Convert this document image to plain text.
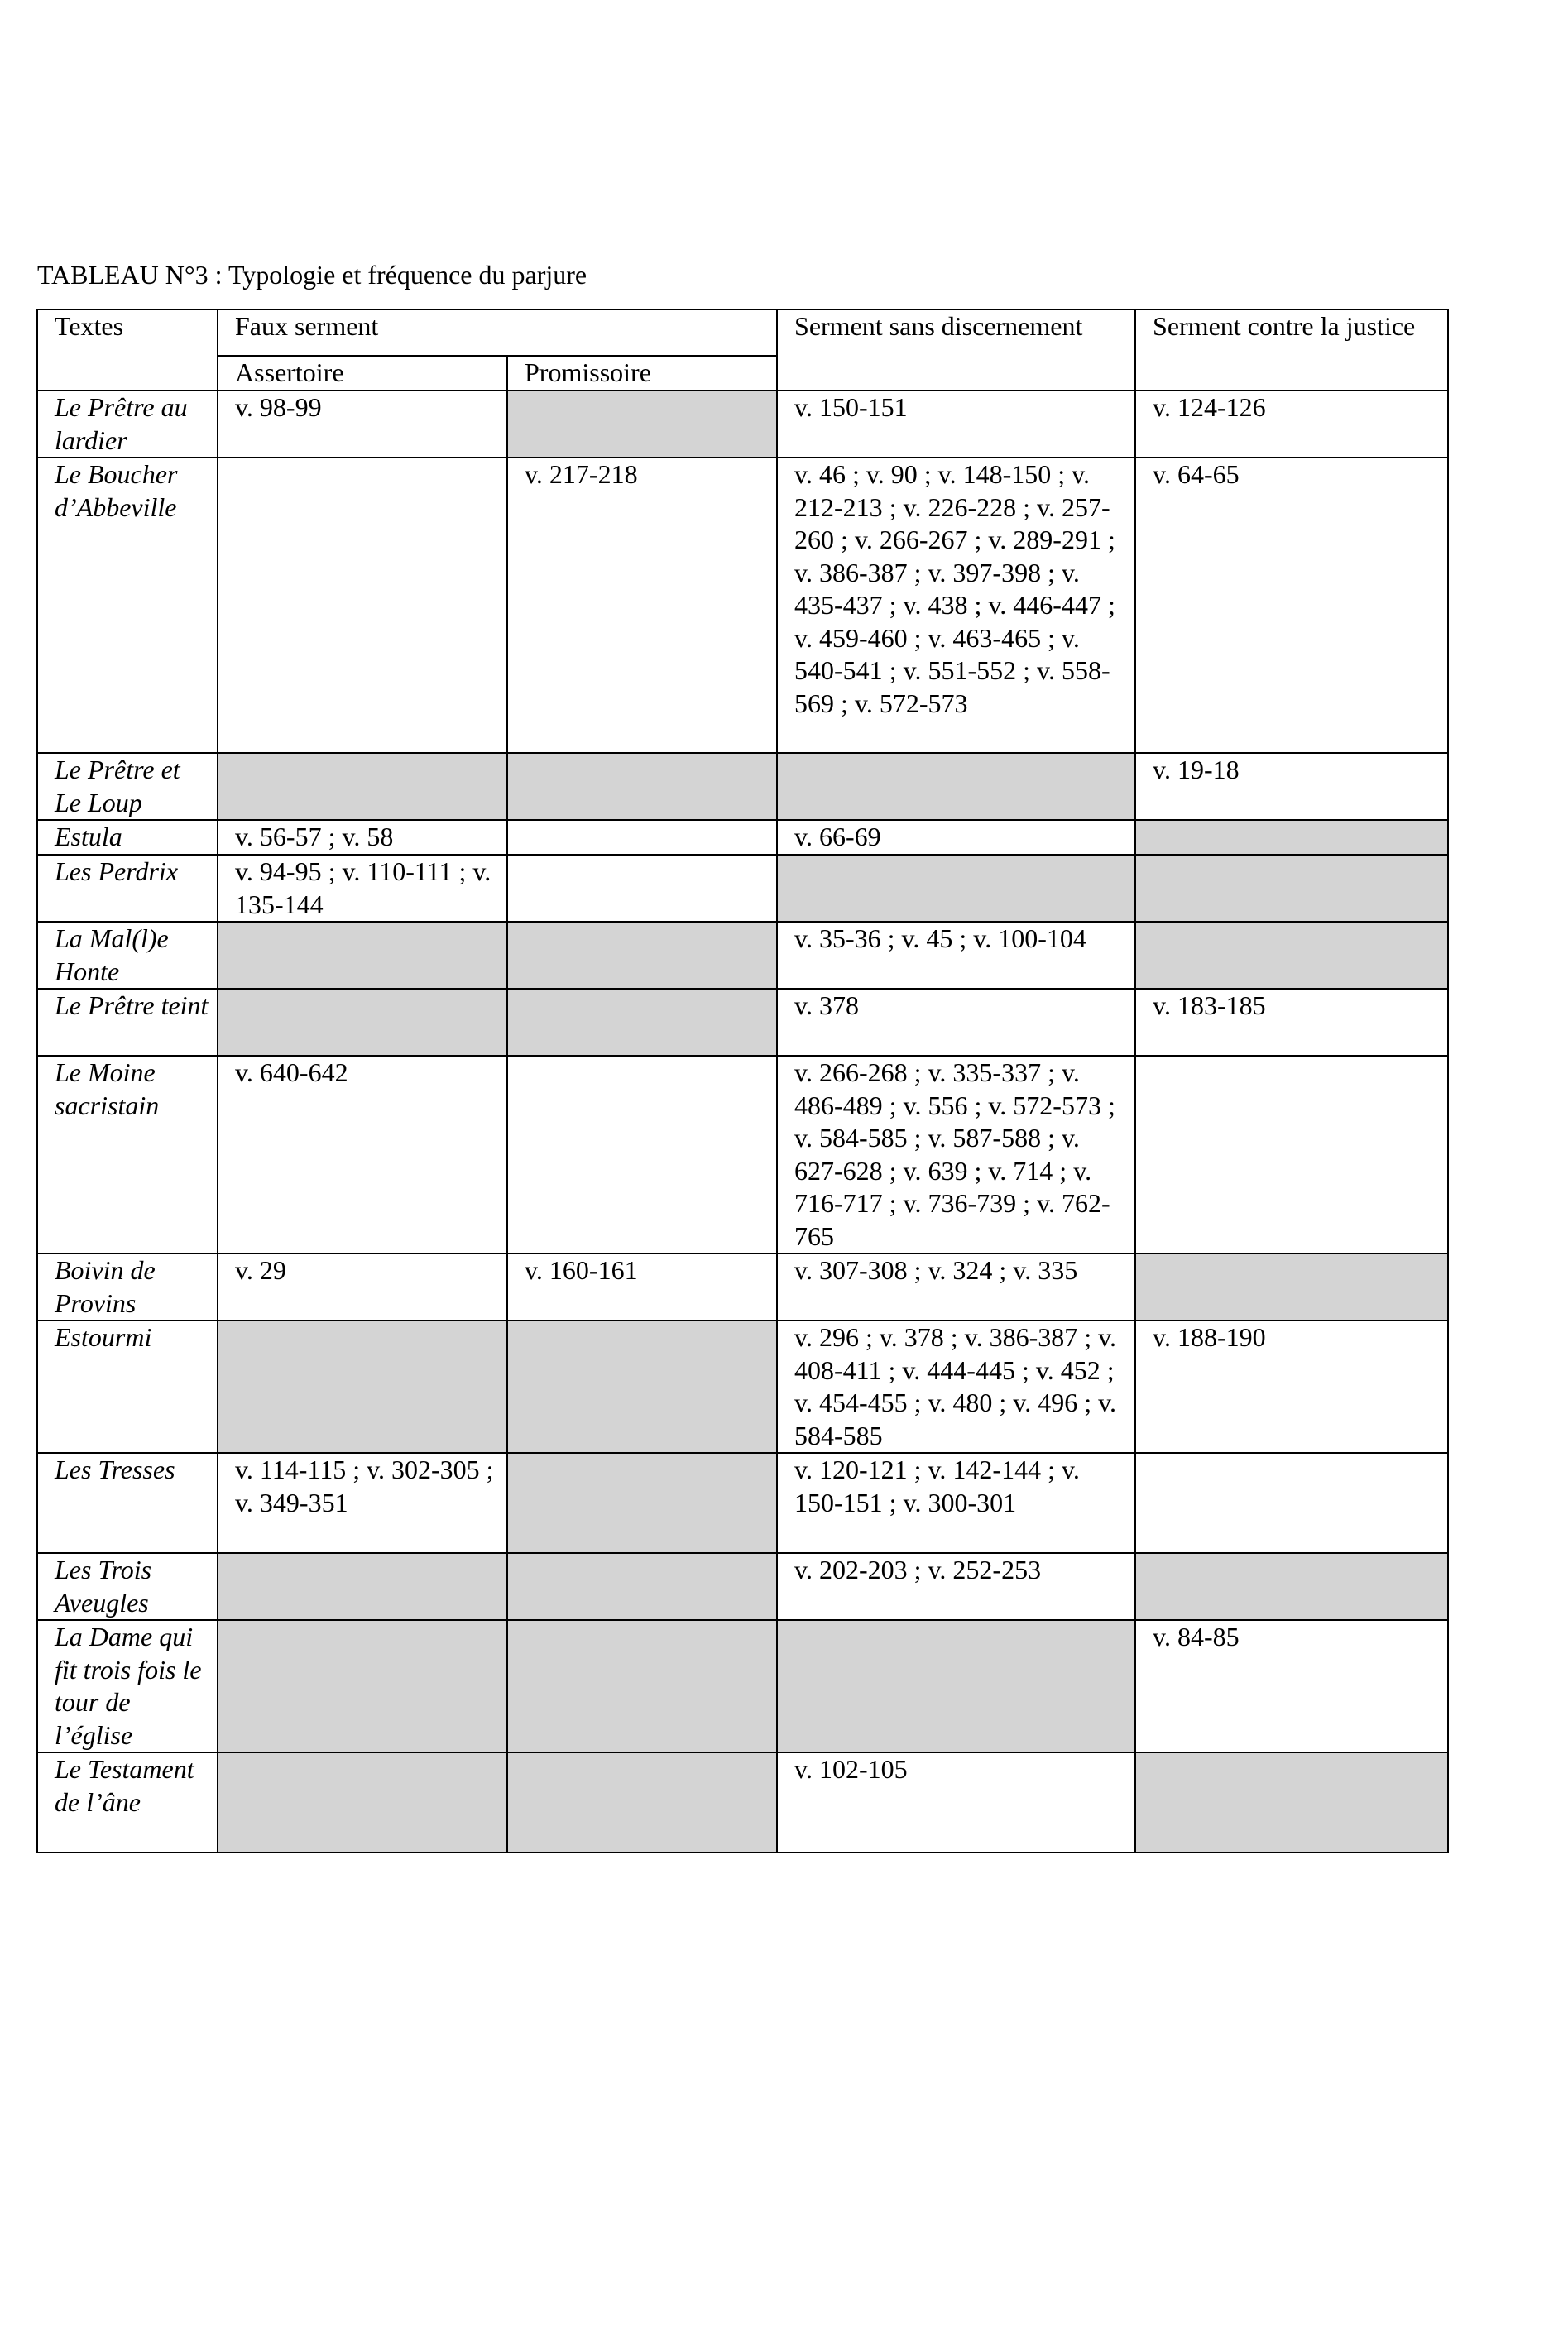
TABLEAU N°3 : Typologie et fréquence du parjure
Textes	Faux serment		Serment sans discernement	Serment contre la justice
	Assertoire	Promissoire		
Le Prêtre au lardier	v. 98-99		v. 150-151	v. 124-126
Le Boucher d’Abbeville		v. 217-218	v. 46 ; v. 90 ; v. 148-150 ; v. 212-213 ; v. 226-228 ; v. 257-260 ; v. 266-267 ; v. 289-291 ; v. 386-387 ; v. 397-398 ; v. 435-437 ; v. 438 ; v. 446-447 ; v. 459-460 ; v. 463-465 ; v. 540-541 ; v. 551-552 ; v. 558-569 ; v. 572-573	v. 64-65
Le Prêtre et Le Loup				v. 19-18
Estula	v. 56-57 ; v. 58		v. 66-69	
Les Perdrix	v. 94-95 ; v. 110-111 ; v. 135-144			
La Mal(l)e Honte			v. 35-36 ; v. 45 ; v. 100-104	
Le Prêtre teint			v. 378	v. 183-185
Le Moine sacristain	v. 640-642		v. 266-268 ; v. 335-337 ; v. 486-489 ; v. 556 ; v. 572-573 ; v. 584-585 ; v. 587-588 ; v. 627-628 ; v. 639 ; v. 714 ; v. 716-717 ; v. 736-739 ; v. 762-765	
Boivin de Provins	v. 29	v. 160-161	v. 307-308 ; v. 324 ; v. 335	
Estourmi			v. 296 ; v. 378 ; v. 386-387 ; v. 408-411 ; v. 444-445 ; v. 452 ; v. 454-455 ; v. 480 ; v. 496 ; v. 584-585	v. 188-190
Les Tresses	v. 114-115 ; v. 302-305 ; v. 349-351		v. 120-121 ; v. 142-144 ; v. 150-151 ; v. 300-301	
Les Trois Aveugles			v. 202-203 ; v. 252-253	
La Dame qui fit trois fois le tour de l’église				v. 84-85
Le Testament de l’âne			v. 102-105	
